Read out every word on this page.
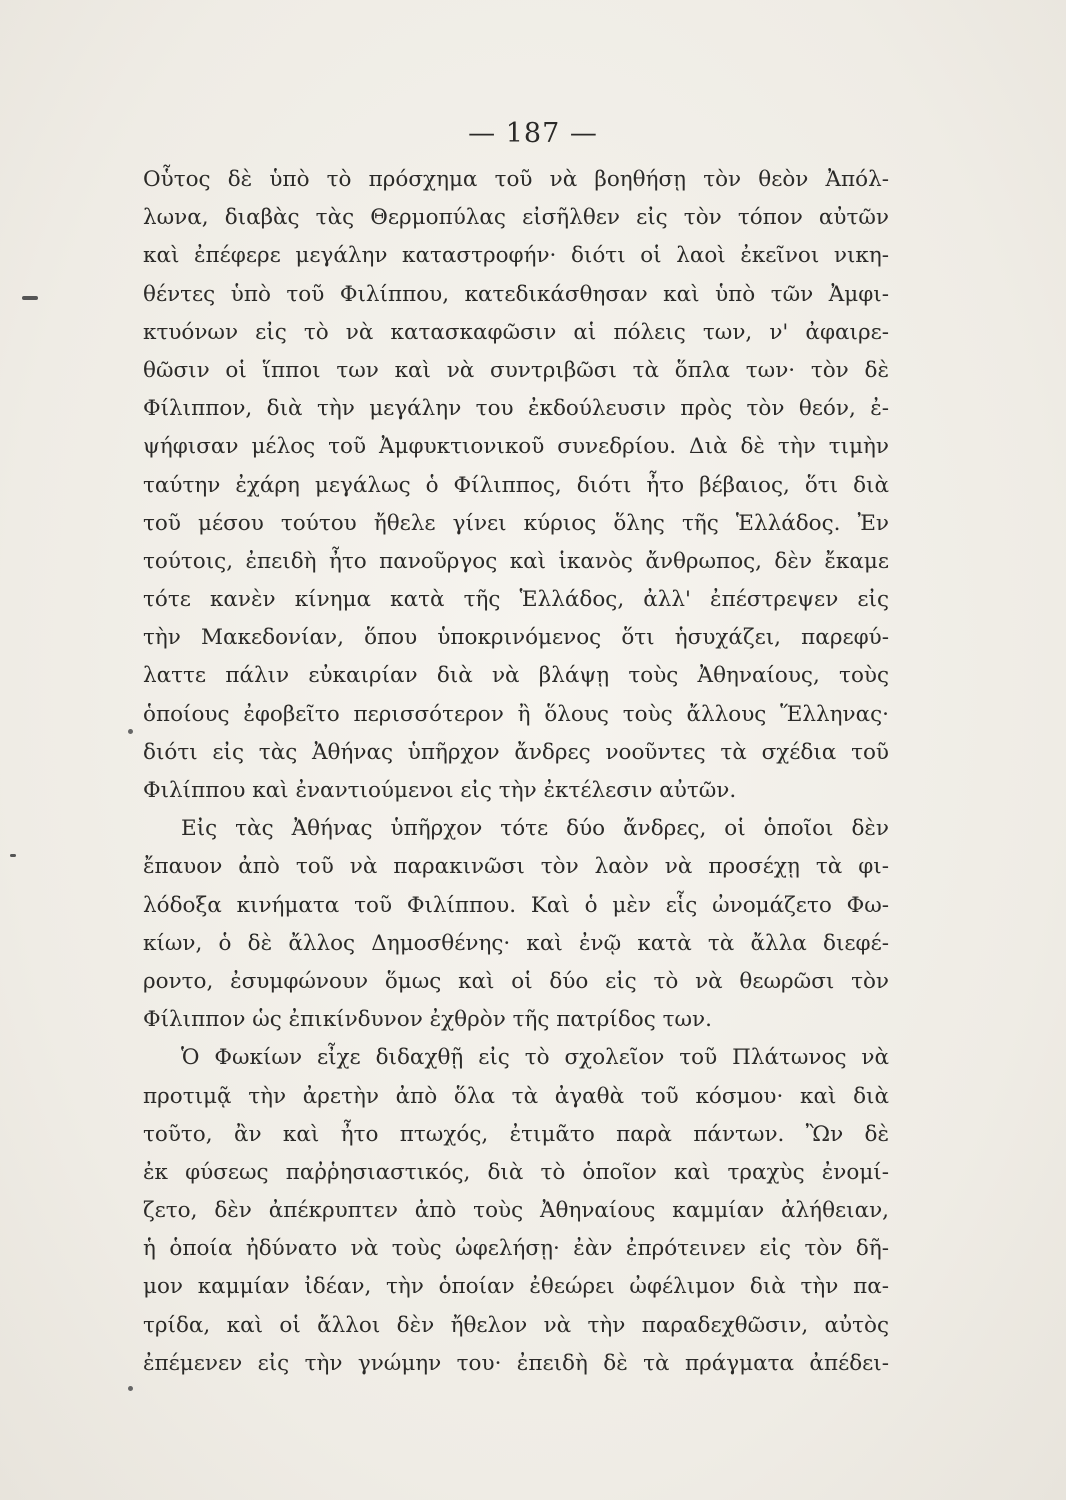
— 187 —
Οὗτος δὲ ὑπὸ τὸ πρόσχημα τοῦ νὰ βοηθήσῃ τὸν θεὸν Ἀπόλ-
λωνα, διαβὰς τὰς Θερμοπύλας εἰσῆλθεν εἰς τὸν τόπον αὐτῶν
καὶ ἐπέφερε μεγάλην καταστροφήν· διότι οἱ λαοὶ ἐκεῖνοι νικη-
θέντες ὑπὸ τοῦ Φιλίππου, κατεδικάσθησαν καὶ ὑπὸ τῶν Ἀμφι-
κτυόνων εἰς τὸ νὰ κατασκαφῶσιν αἱ πόλεις των, ν' ἀφαιρε-
θῶσιν οἱ ἵπποι των καὶ νὰ συντριβῶσι τὰ ὅπλα των· τὸν δὲ
Φίλιππον, διὰ τὴν μεγάλην του ἐκδούλευσιν πρὸς τὸν θεόν, ἐ-
ψήφισαν μέλος τοῦ Ἀμφυκτιονικοῦ συνεδρίου. Διὰ δὲ τὴν τιμὴν
ταύτην ἐχάρη μεγάλως ὁ Φίλιππος, διότι ἦτο βέβαιος, ὅτι διὰ
τοῦ μέσου τούτου ἤθελε γίνει κύριος ὅλης τῆς Ἑλλάδος. Ἐν
τούτοις, ἐπειδὴ ἦτο πανοῦργος καὶ ἱκανὸς ἄνθρωπος, δὲν ἔκαμε
τότε κανὲν κίνημα κατὰ τῆς Ἑλλάδος, ἀλλ' ἐπέστρεψεν εἰς
τὴν Μακεδονίαν, ὅπου ὑποκρινόμενος ὅτι ἡσυχάζει, παρεφύ-
λαττε πάλιν εὐκαιρίαν διὰ νὰ βλάψῃ τοὺς Ἀθηναίους, τοὺς
ὁποίους ἐφοβεῖτο περισσότερον ἢ ὅλους τοὺς ἄλλους Ἕλληνας·
διότι εἰς τὰς Ἀθήνας ὑπῆρχον ἄνδρες νοοῦντες τὰ σχέδια τοῦ
Φιλίππου καὶ ἐναντιούμενοι εἰς τὴν ἐκτέλεσιν αὐτῶν.
Εἰς τὰς Ἀθήνας ὑπῆρχον τότε δύο ἄνδρες, οἱ ὁποῖοι δὲν
ἔπαυον ἀπὸ τοῦ νὰ παρακινῶσι τὸν λαὸν νὰ προσέχῃ τὰ φι-
λόδοξα κινήματα τοῦ Φιλίππου. Καὶ ὁ μὲν εἷς ὠνομάζετο Φω-
κίων, ὁ δὲ ἄλλος Δημοσθένης· καὶ ἐνῷ κατὰ τὰ ἄλλα διεφέ-
ροντο, ἐσυμφώνουν ὅμως καὶ οἱ δύο εἰς τὸ νὰ θεωρῶσι τὸν
Φίλιππον ὡς ἐπικίνδυνον ἐχθρὸν τῆς πατρίδος των.
Ὁ Φωκίων εἶχε διδαχθῇ εἰς τὸ σχολεῖον τοῦ Πλάτωνος νὰ
προτιμᾷ τὴν ἀρετὴν ἀπὸ ὅλα τὰ ἀγαθὰ τοῦ κόσμου· καὶ διὰ
τοῦτο, ἂν καὶ ἦτο πτωχός, ἐτιμᾶτο παρὰ πάντων. Ὢν δὲ
ἐκ φύσεως παῤῥησιαστικός, διὰ τὸ ὁποῖον καὶ τραχὺς ἐνομί-
ζετο, δὲν ἀπέκρυπτεν ἀπὸ τοὺς Ἀθηναίους καμμίαν ἀλήθειαν,
ἡ ὁποία ἠδύνατο νὰ τοὺς ὠφελήσῃ· ἐὰν ἐπρότεινεν εἰς τὸν δῆ-
μον καμμίαν ἰδέαν, τὴν ὁποίαν ἐθεώρει ὠφέλιμον διὰ τὴν πα-
τρίδα, καὶ οἱ ἄλλοι δὲν ἤθελον νὰ τὴν παραδεχθῶσιν, αὐτὸς
ἐπέμενεν εἰς τὴν γνώμην του· ἐπειδὴ δὲ τὰ πράγματα ἀπέδει-
